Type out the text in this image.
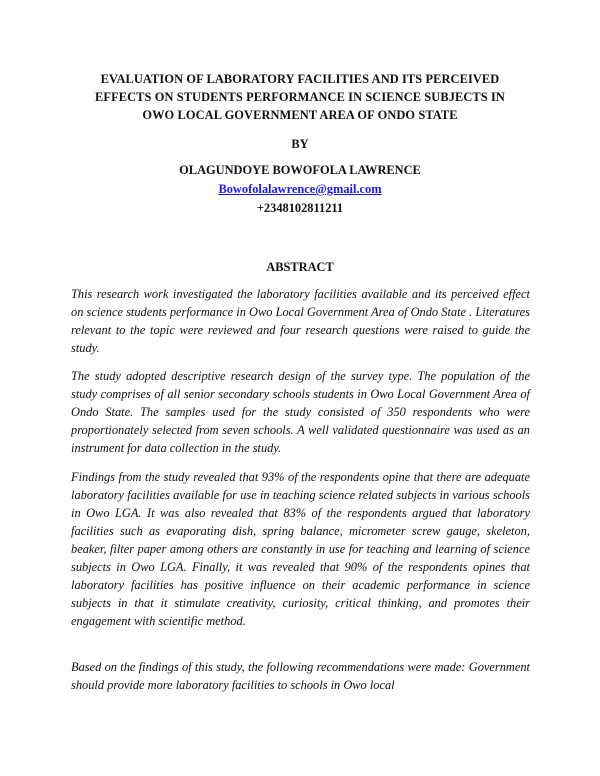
EVALUATION OF LABORATORY FACILITIES AND ITS PERCEIVED
EFFECTS ON STUDENTS PERFORMANCE IN SCIENCE SUBJECTS IN
OWO LOCAL GOVERNMENT AREA OF ONDO STATE
BY
OLAGUNDOYE BOWOFOLA LAWRENCE
Bowofolalawrence@gmail.com
+2348102811211
ABSTRACT

This research work investigated the laboratory facilities available and its perceived effect on science students performance in Owo Local Government Area of Ondo State . Literatures relevant to the topic were reviewed and four research questions were raised to guide the study.

The study adopted descriptive research design of the survey type. The population of the study comprises of all senior secondary schools students in Owo Local Government Area of Ondo State. The samples used for the study consisted of 350 respondents who were proportionately selected from seven schools. A well validated questionnaire was used as an instrument for data collection in the study.

Findings from the study revealed that 93% of the respondents opine that there are adequate laboratory facilities available for use in teaching science related subjects in various schools in Owo LGA. It was also revealed that 83% of the respondents argued that laboratory facilities such as evaporating dish, spring balance, micrometer screw gauge, skeleton, beaker, filter paper among others are constantly in use for teaching and learning of science subjects in Owo LGA. Finally, it was revealed that 90% of the respondents opines that laboratory facilities has positive influence on their academic performance in science subjects in that it stimulate creativity, curiosity, critical thinking, and promotes their engagement with scientific method.

Based on the findings of this study, the following recommendations were made: Government should provide more laboratory facilities to schools in Owo local
